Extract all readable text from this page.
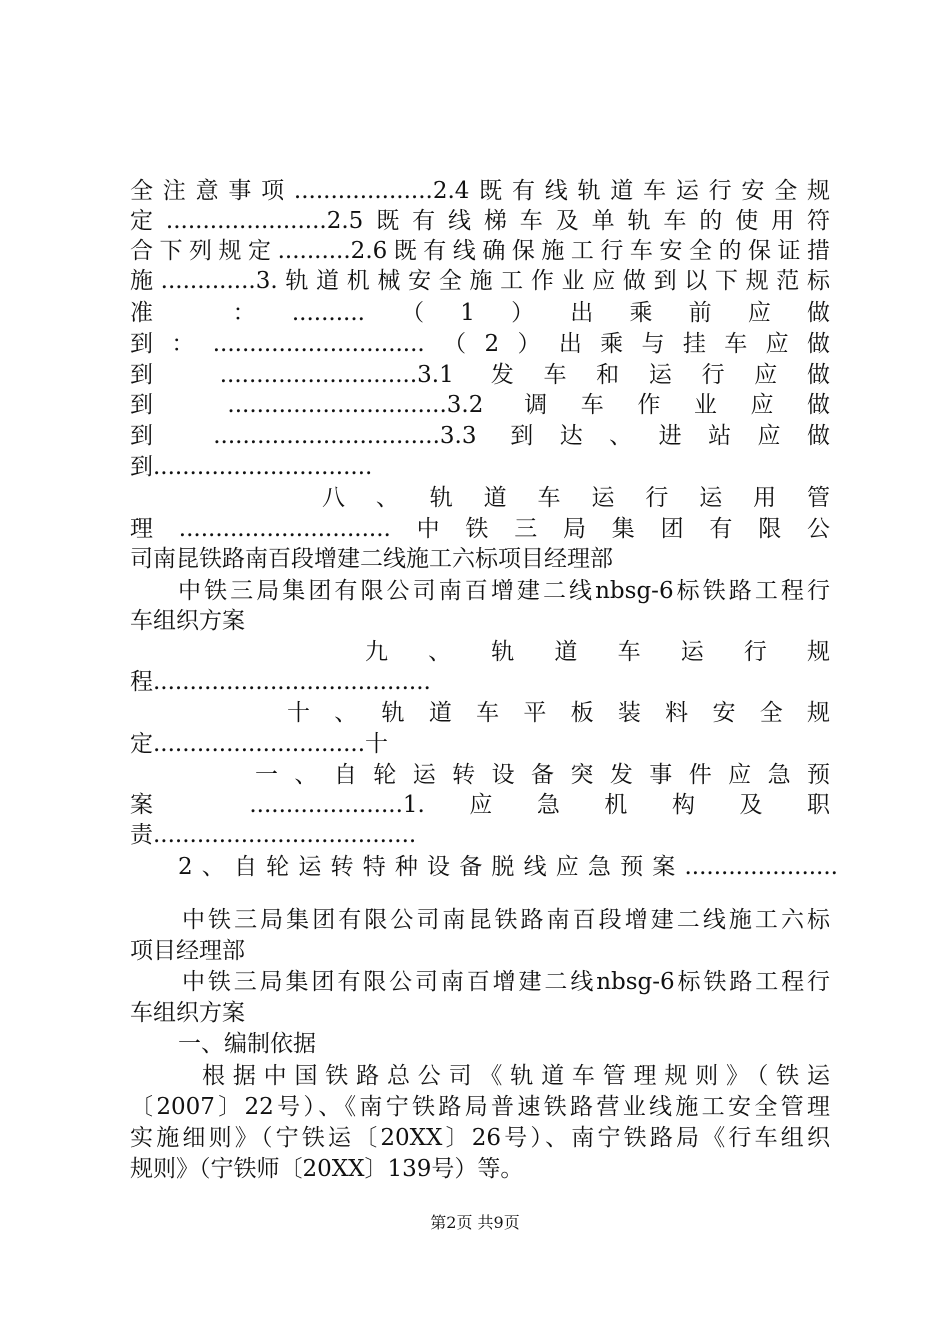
全注意事项...................2.4既有线轨道车运行安全规
定......................2.5既有线梯车及单轨车的使用符
合下列规定..........2.6既有线确保施工行车安全的保证措
施.............3.轨道机械安全施工作业应做到以下规范标
准 ：..........（1）出乘前应做
到：.............................（2）出乘与挂车应做
到 ...........................3.1 发车和运行应做
到 ..............................3.2 调车作业应做
到 ...............................3.3 到达、进站应做
到..............................
八、轨道车运行运用管
理.............................中铁三局集团有限公
司南昆铁路南百段增建二线施工六标项目经理部
中铁三局集团有限公司南百增建二线nbsg-6标铁路工程行
车组织方案
九、轨道车运行规
程......................................
十、轨道车平板装料安全规
定.............................十
一、自轮运转设备突发事件应急预
案 .....................1.应急机构及职
责....................................
2、自轮运转特种设备脱线应急预案.....................
中铁三局集团有限公司南昆铁路南百段增建二线施工六标
项目经理部
中铁三局集团有限公司南百增建二线nbsg-6标铁路工程行
车组织方案
一、编制依据
根据中国铁路总公司《轨道车管理规则》（铁运
〔2007〕22号）、《南宁铁路局普速铁路营业线施工安全管理
实施细则》（宁铁运〔20XX〕26号）、南宁铁路局《行车组织
规则》（宁铁师〔20XX〕139号）等。
第2页 共9页
